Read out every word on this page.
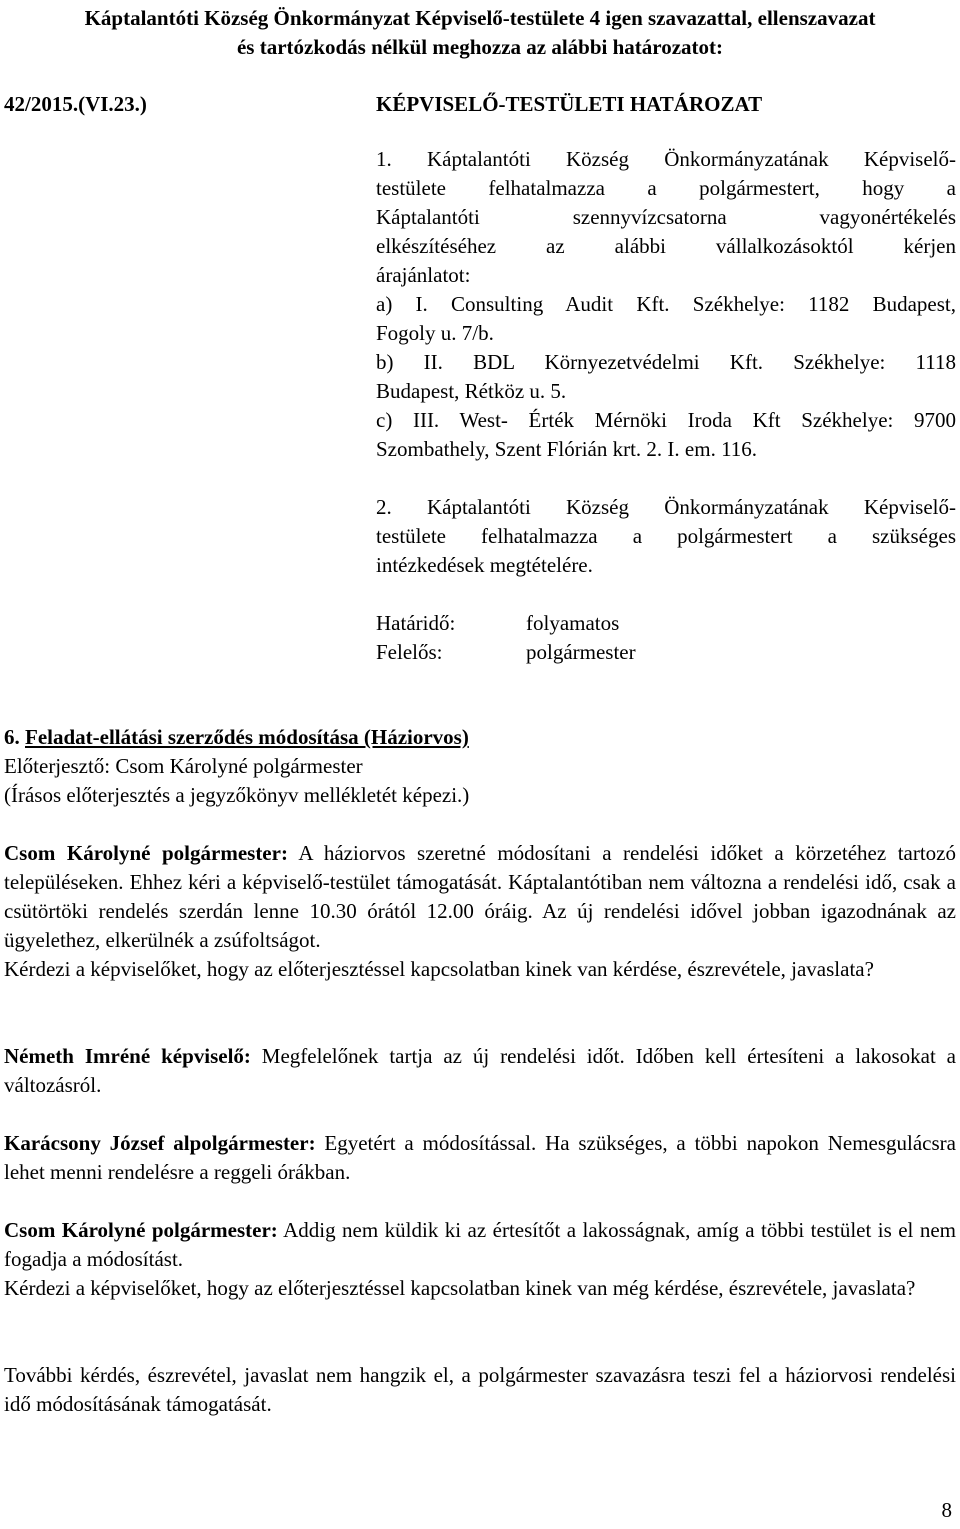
Káptalantóti Község Önkormányzat Képviselő-testülete 4 igen szavazattal, ellenszavazat
és tartózkodás nélkül meghozza az alábbi határozatot:
42/2015.(VI.23.)	KÉPVISELŐ-TESTÜLETI HATÁROZAT

1. Káptalantóti Község Önkormányzatának Képviselő-

testülete felhatalmazza a polgármestert, hogy a

Káptalantóti szennyvízcsatorna vagyonértékelés

elkészítéséhez az alábbi vállalkozásoktól kérjen

árajánlatot:

a) I. Consulting Audit Kft. Székhelye: 1182 Budapest,

Fogoly u. 7/b.

b) II. BDL Környezetvédelmi Kft. Székhelye: 1118

Budapest, Rétköz u. 5.

c) III. West- Érték Mérnöki Iroda Kft Székhelye: 9700

Szombathely, Szent Flórián krt. 2. I. em. 116.

2. Káptalantóti Község Önkormányzatának Képviselő-

testülete felhatalmazza a polgármestert a szükséges

intézkedések megtételére.

Határidő:	folyamatos
Felelős:	polgármester

6. Feladat-ellátási szerződés módosítása (Háziorvos)

Előterjesztő: Csom Károlyné polgármester

(Írásos előterjesztés a jegyzőkönyv mellékletét képezi.)

Csom Károlyné polgármester: A háziorvos szeretné módosítani a rendelési időket a körzetéhez tartozó településeken. Ehhez kéri a képviselő-testület támogatását. Káptalantótiban nem változna a rendelési idő, csak a csütörtöki rendelés szerdán lenne 10.30 órától 12.00 óráig. Az új rendelési idővel jobban igazodnának az ügyelethez, elkerülnék a zsúfoltságot.

Kérdezi a képviselőket, hogy az előterjesztéssel kapcsolatban kinek van kérdése, észrevétele, javaslata?

Németh Imréné képviselő: Megfelelőnek tartja az új rendelési időt. Időben kell értesíteni a lakosokat a változásról.

Karácsony József alpolgármester: Egyetért a módosítással. Ha szükséges, a többi napokon Nemesgulácsra lehet menni rendelésre a reggeli órákban.

Csom Károlyné polgármester: Addig nem küldik ki az értesítőt a lakosságnak, amíg a többi testület is el nem fogadja a módosítást.

Kérdezi a képviselőket, hogy az előterjesztéssel kapcsolatban kinek van még kérdése, észrevétele, javaslata?

További kérdés, észrevétel, javaslat nem hangzik el, a polgármester szavazásra teszi fel a háziorvosi rendelési idő módosításának támogatását.

8
